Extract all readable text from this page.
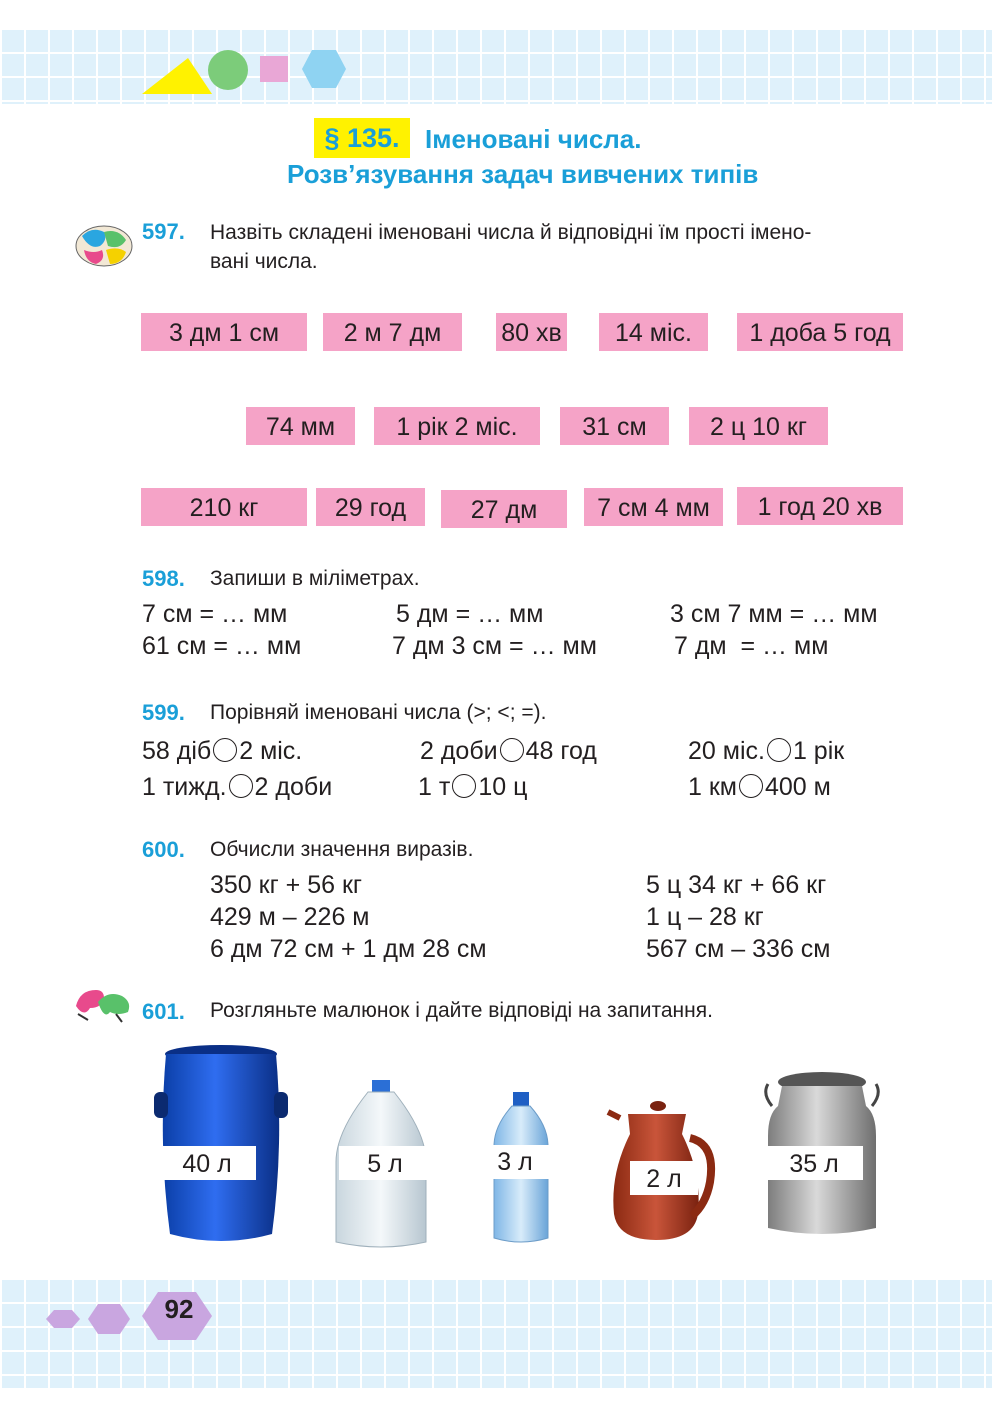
§ 135. Іменовані числа.
Розв’язування задач вивчених типів
597. Назвіть складені іменовані числа й відповідні їм прості імено-
вані числа.
3 дм 1 см	2 м 7 дм	80 хв	14 міс.	1 доба 5 год
74 мм	1 рік 2 міс.	31 см	2 ц 10 кг
210 кг	29 год	27 дм	7 см 4 мм	1 год 20 хв
598. Запиши в міліметрах.
7 см = … мм	5 дм = … мм	3 см 7 мм = … мм
61 см = … мм	7 дм 3 см = … мм	7 дм  = … мм
599. Порівняй іменовані числа (>; <; =).
58 діб 2 міс.	2 доби 48 год	20 міс. 1 рік
1 тижд. 2 доби	1 т 10 ц	1 км 400 м
600. Обчисли значення виразів.
350 кг + 56 кг
429 м – 226 м
6 дм 72 см + 1 дм 28 см
5 ц 34 кг + 66 кг
1 ц – 28 кг
567 см – 336 см
601. Розгляньте малюнок і дайте відповіді на запитання.
40 л	5 л	3 л
2 л
35 л
92
